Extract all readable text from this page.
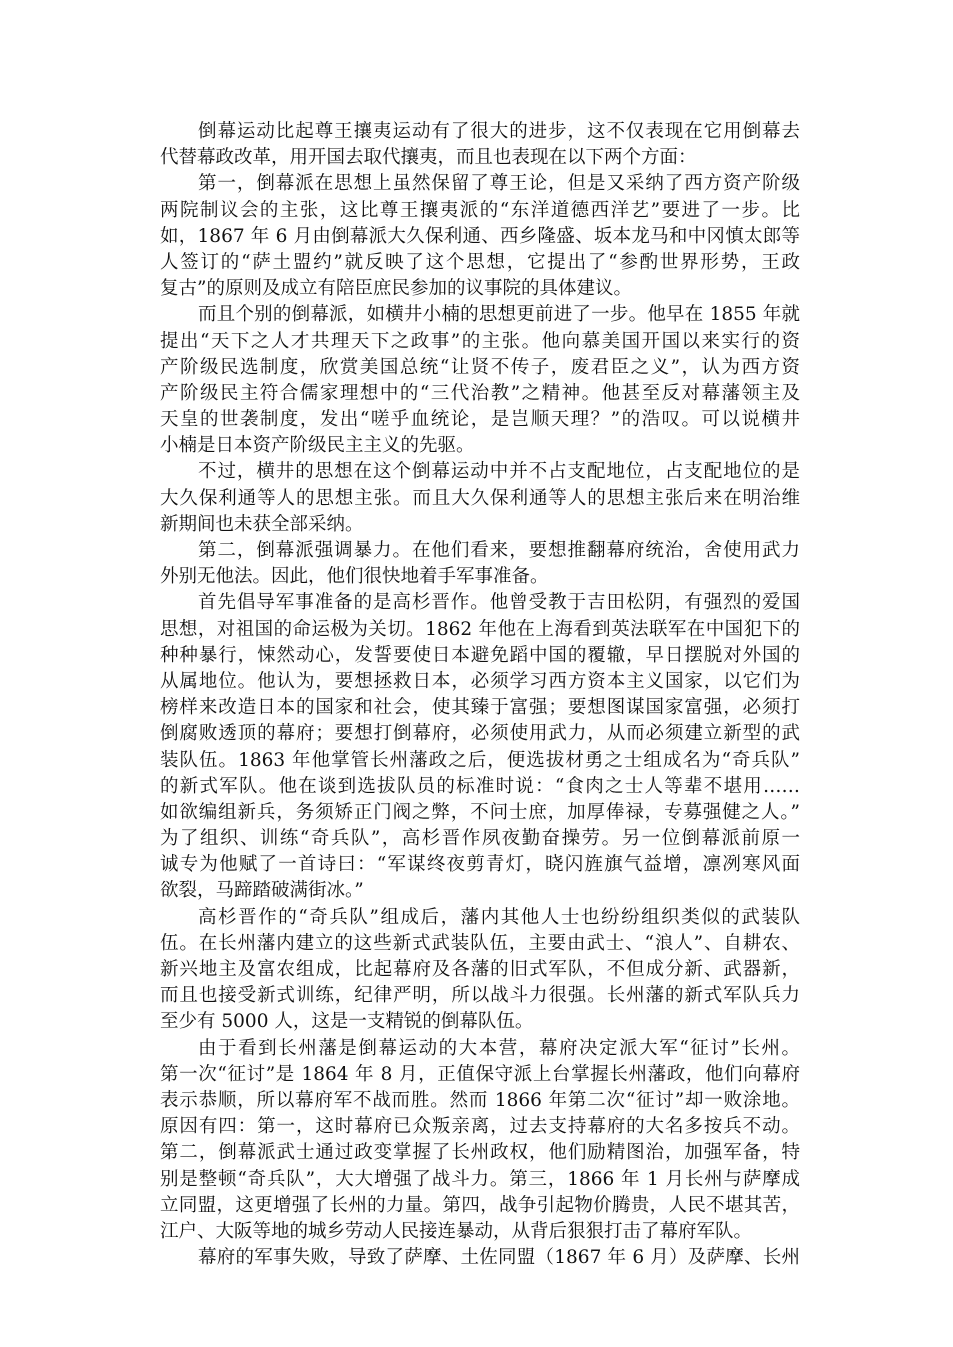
倒幕运动比起尊王攘夷运动有了很大的进步，这不仅表现在它用倒幕去
代替幕政改革，用开国去取代攘夷，而且也表现在以下两个方面：
第一，倒幕派在思想上虽然保留了尊王论，但是又采纳了西方资产阶级
两院制议会的主张，这比尊王攘夷派的“东洋道德西洋艺”要进了一步。比
如，1867 年 6 月由倒幕派大久保利通、西乡隆盛、坂本龙马和中冈慎太郎等
人签订的“萨土盟约”就反映了这个思想，它提出了“参酌世界形势，王政
复古”的原则及成立有陪臣庶民参加的议事院的具体建议。
而且个别的倒幕派，如横井小楠的思想更前进了一步。他早在 1855 年就
提出“天下之人才共理天下之政事”的主张。他向慕美国开国以来实行的资
产阶级民选制度，欣赏美国总统“让贤不传子，废君臣之义”，认为西方资
产阶级民主符合儒家理想中的“三代治教”之精神。他甚至反对幕藩领主及
天皇的世袭制度，发出“嗟乎血统论，是岂顺天理？”的浩叹。可以说横井
小楠是日本资产阶级民主主义的先驱。
不过，横井的思想在这个倒幕运动中并不占支配地位，占支配地位的是
大久保利通等人的思想主张。而且大久保利通等人的思想主张后来在明治维
新期间也未获全部采纳。
第二，倒幕派强调暴力。在他们看来，要想推翻幕府统治，舍使用武力
外别无他法。因此，他们很快地着手军事准备。
首先倡导军事准备的是高杉晋作。他曾受教于吉田松阴，有强烈的爱国
思想，对祖国的命运极为关切。1862 年他在上海看到英法联军在中国犯下的
种种暴行，悚然动心，发誓要使日本避免蹈中国的覆辙，早日摆脱对外国的
从属地位。他认为，要想拯救日本，必须学习西方资本主义国家，以它们为
榜样来改造日本的国家和社会，使其臻于富强；要想图谋国家富强，必须打
倒腐败透顶的幕府；要想打倒幕府，必须使用武力，从而必须建立新型的武
装队伍。1863 年他掌管长州藩政之后，便选拔材勇之士组成名为“奇兵队”
的新式军队。他在谈到选拔队员的标准时说：“食肉之士人等辈不堪用……
如欲编组新兵，务须矫正门阀之弊，不问士庶，加厚俸禄，专募强健之人。”
为了组织、训练“奇兵队”，高杉晋作夙夜勤奋操劳。另一位倒幕派前原一
诚专为他赋了一首诗曰：“军谋终夜剪青灯，晓闪旌旗气益增，凛冽寒风面
欲裂，马蹄踏破满街冰。”
高杉晋作的“奇兵队”组成后，藩内其他人士也纷纷组织类似的武装队
伍。在长州藩内建立的这些新式武装队伍，主要由武士、“浪人”、自耕农、
新兴地主及富农组成，比起幕府及各藩的旧式军队，不但成分新、武器新，
而且也接受新式训练，纪律严明，所以战斗力很强。长州藩的新式军队兵力
至少有 5000 人，这是一支精锐的倒幕队伍。
由于看到长州藩是倒幕运动的大本营，幕府决定派大军“征讨”长州。
第一次“征讨”是 1864 年 8 月，正值保守派上台掌握长州藩政，他们向幕府
表示恭顺，所以幕府军不战而胜。然而 1866 年第二次“征讨”却一败涂地。
原因有四：第一，这时幕府已众叛亲离，过去支持幕府的大名多按兵不动。
第二，倒幕派武士通过政变掌握了长州政权，他们励精图治，加强军备，特
别是整顿“奇兵队”，大大增强了战斗力。第三，1866 年 1 月长州与萨摩成
立同盟，这更增强了长州的力量。第四，战争引起物价腾贵，人民不堪其苦，
江户、大阪等地的城乡劳动人民接连暴动，从背后狠狠打击了幕府军队。
幕府的军事失败，导致了萨摩、土佐同盟（1867 年 6 月）及萨摩、长州
